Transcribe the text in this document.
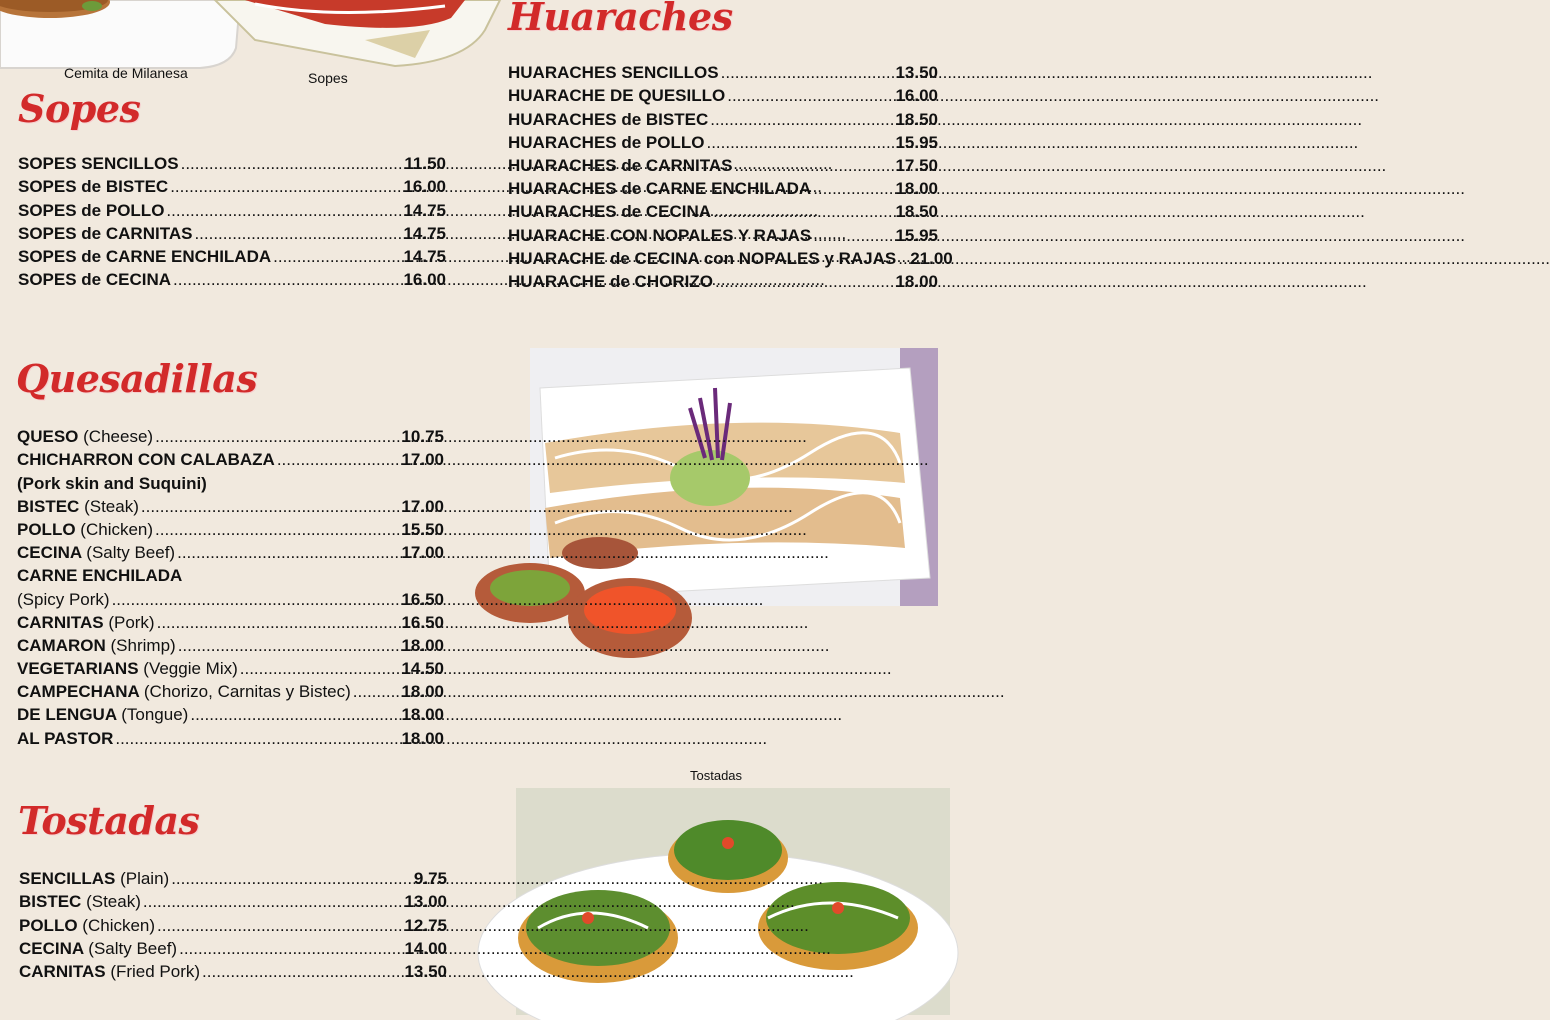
Cemita de Milanesa	Sopes
Tostadas
Sopes
SOPES SENCILLOS .....	11.50
SOPES de BISTEC .....	16.00
SOPES de POLLO .....	14.75
SOPES de CARNITAS .....	14.75
SOPES de CARNE ENCHILADA .....	14.75
SOPES de CECINA .....	16.00
Huaraches
HUARACHES SENCILLOS .....	13.50
HUARACHE DE QUESILLO .....	16.00
HUARACHES de BISTEC .....	18.50
HUARACHES de POLLO .....	15.95
HUARACHES de CARNITAS .....	17.50
HUARACHES de CARNE ENCHILADA .....	18.00
HUARACHES de CECINA .....	18.50
HUARACHE CON NOPALES Y RAJAS .....	15.95
HUARACHE de CECINA con NOPALES y RAJAS ..... 21.00
HUARACHE de CHORIZO .....	18.00
Quesadillas
QUESO (Cheese) .....	10.75
CHICHARRON CON CALABAZA .....	17.00
(Pork skin and Suquini)
BISTEC (Steak) .....	17.00
POLLO (Chicken) .....	15.50
CECINA (Salty Beef) .....	17.00
CARNE ENCHILADA
(Spicy Pork) .....	16.50
CARNITAS (Pork) .....	16.50
CAMARON (Shrimp) .....	18.00
VEGETARIANS (Veggie Mix) .....	14.50
CAMPECHANA (Chorizo, Carnitas y Bistec) .....	18.00
DE LENGUA (Tongue) .....	18.00
AL PASTOR .....	18.00
Tostadas
SENCILLAS (Plain) .....	9.75
BISTEC (Steak) .....	13.00
POLLO (Chicken) .....	12.75
CECINA (Salty Beef) .....	14.00
CARNITAS (Fried Pork) .....	13.50
